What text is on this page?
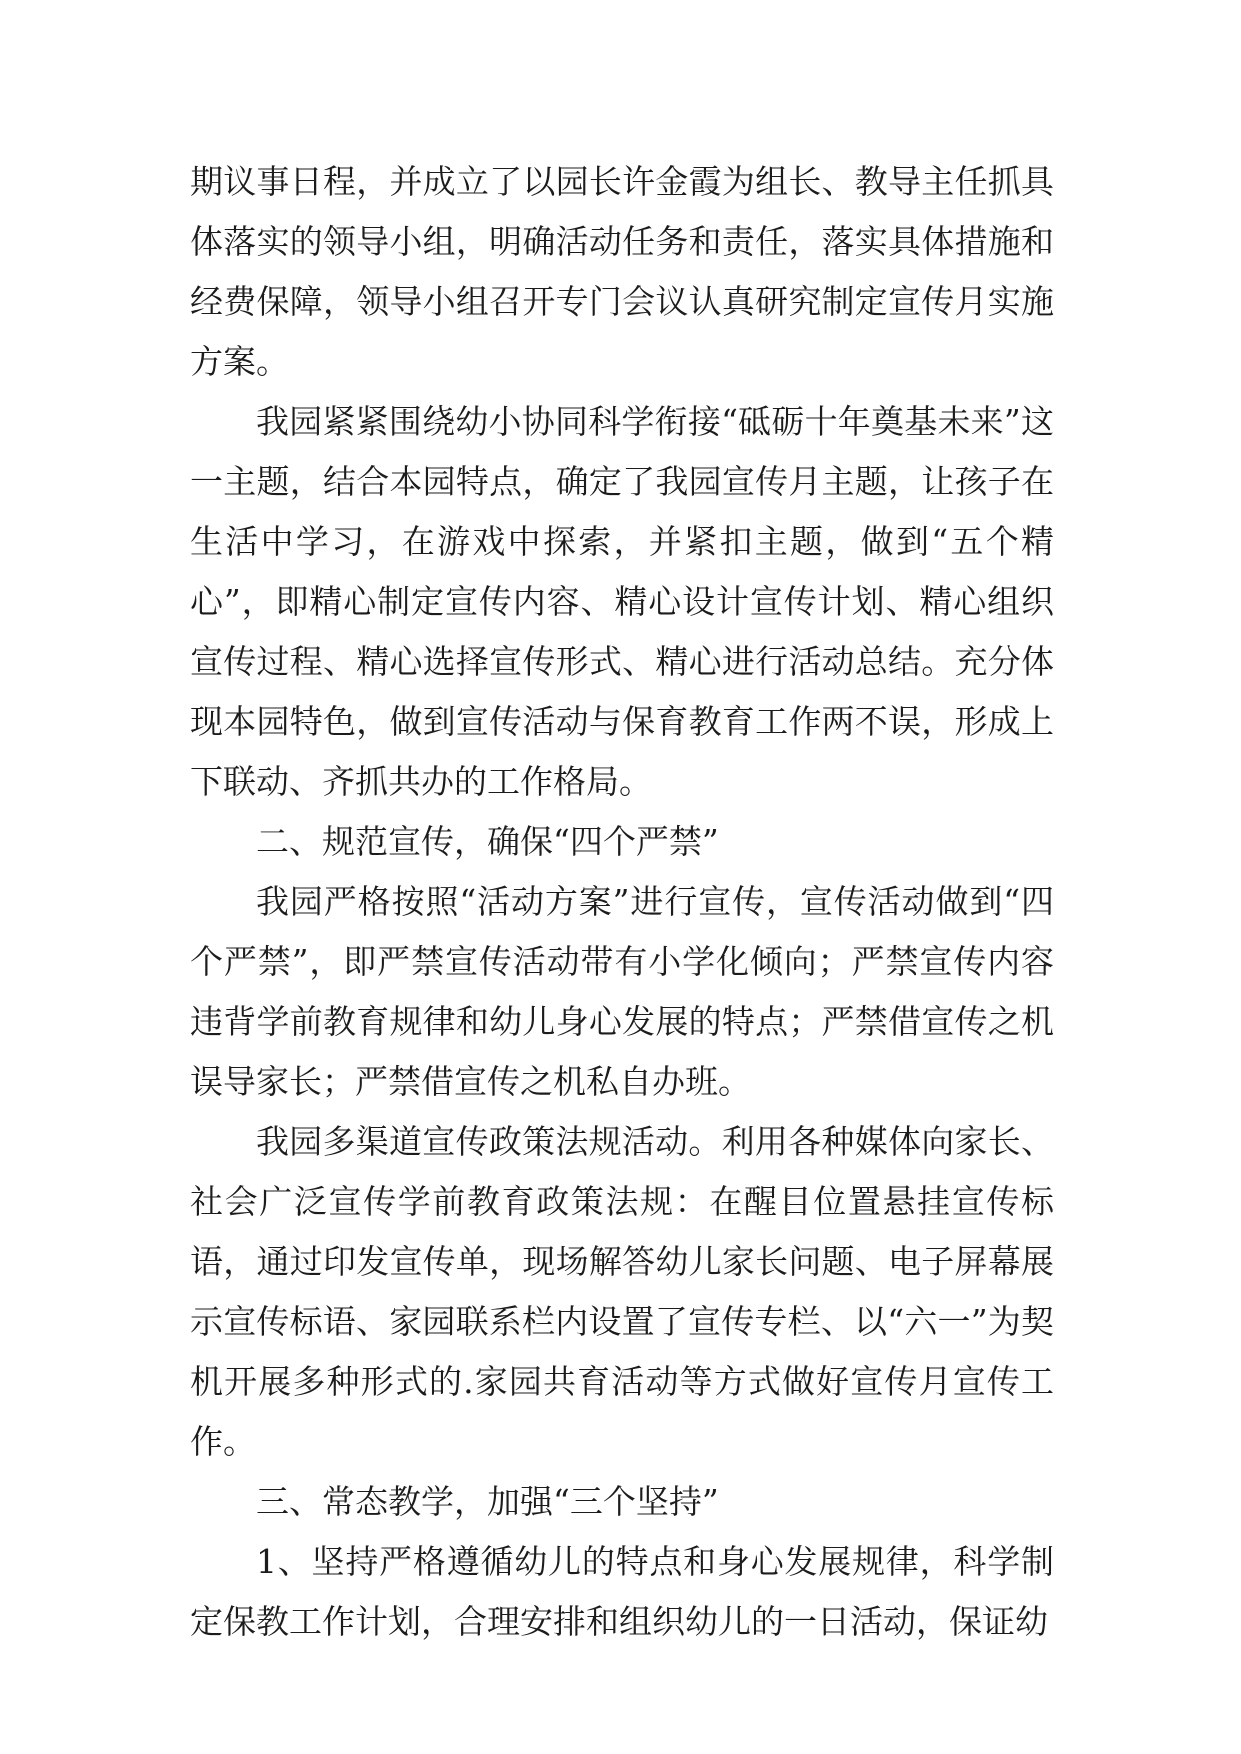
期议事日程，并成立了以园长许金霞为组长、教导主任抓具体落实的领导小组，明确活动任务和责任，落实具体措施和经费保障，领导小组召开专门会议认真研究制定宣传月实施方案。

我园紧紧围绕幼小协同科学衔接“砥砺十年奠基未来”这一主题，结合本园特点，确定了我园宣传月主题，让孩子在生活中学习，在游戏中探索，并紧扣主题，做到“五个精心”，即精心制定宣传内容、精心设计宣传计划、精心组织宣传过程、精心选择宣传形式、精心进行活动总结。充分体现本园特色，做到宣传活动与保育教育工作两不误，形成上下联动、齐抓共办的工作格局。

二、规范宣传，确保“四个严禁”

我园严格按照“活动方案”进行宣传，宣传活动做到“四个严禁”，即严禁宣传活动带有小学化倾向；严禁宣传内容违背学前教育规律和幼儿身心发展的特点；严禁借宣传之机误导家长；严禁借宣传之机私自办班。

我园多渠道宣传政策法规活动。利用各种媒体向家长、社会广泛宣传学前教育政策法规：在醒目位置悬挂宣传标语，通过印发宣传单，现场解答幼儿家长问题、电子屏幕展示宣传标语、家园联系栏内设置了宣传专栏、以“六一”为契机开展多种形式的.家园共育活动等方式做好宣传月宣传工作。

三、常态教学，加强“三个坚持”

1、坚持严格遵循幼儿的特点和身心发展规律，科学制定保教工作计划，合理安排和组织幼儿的一日活动，保证幼
